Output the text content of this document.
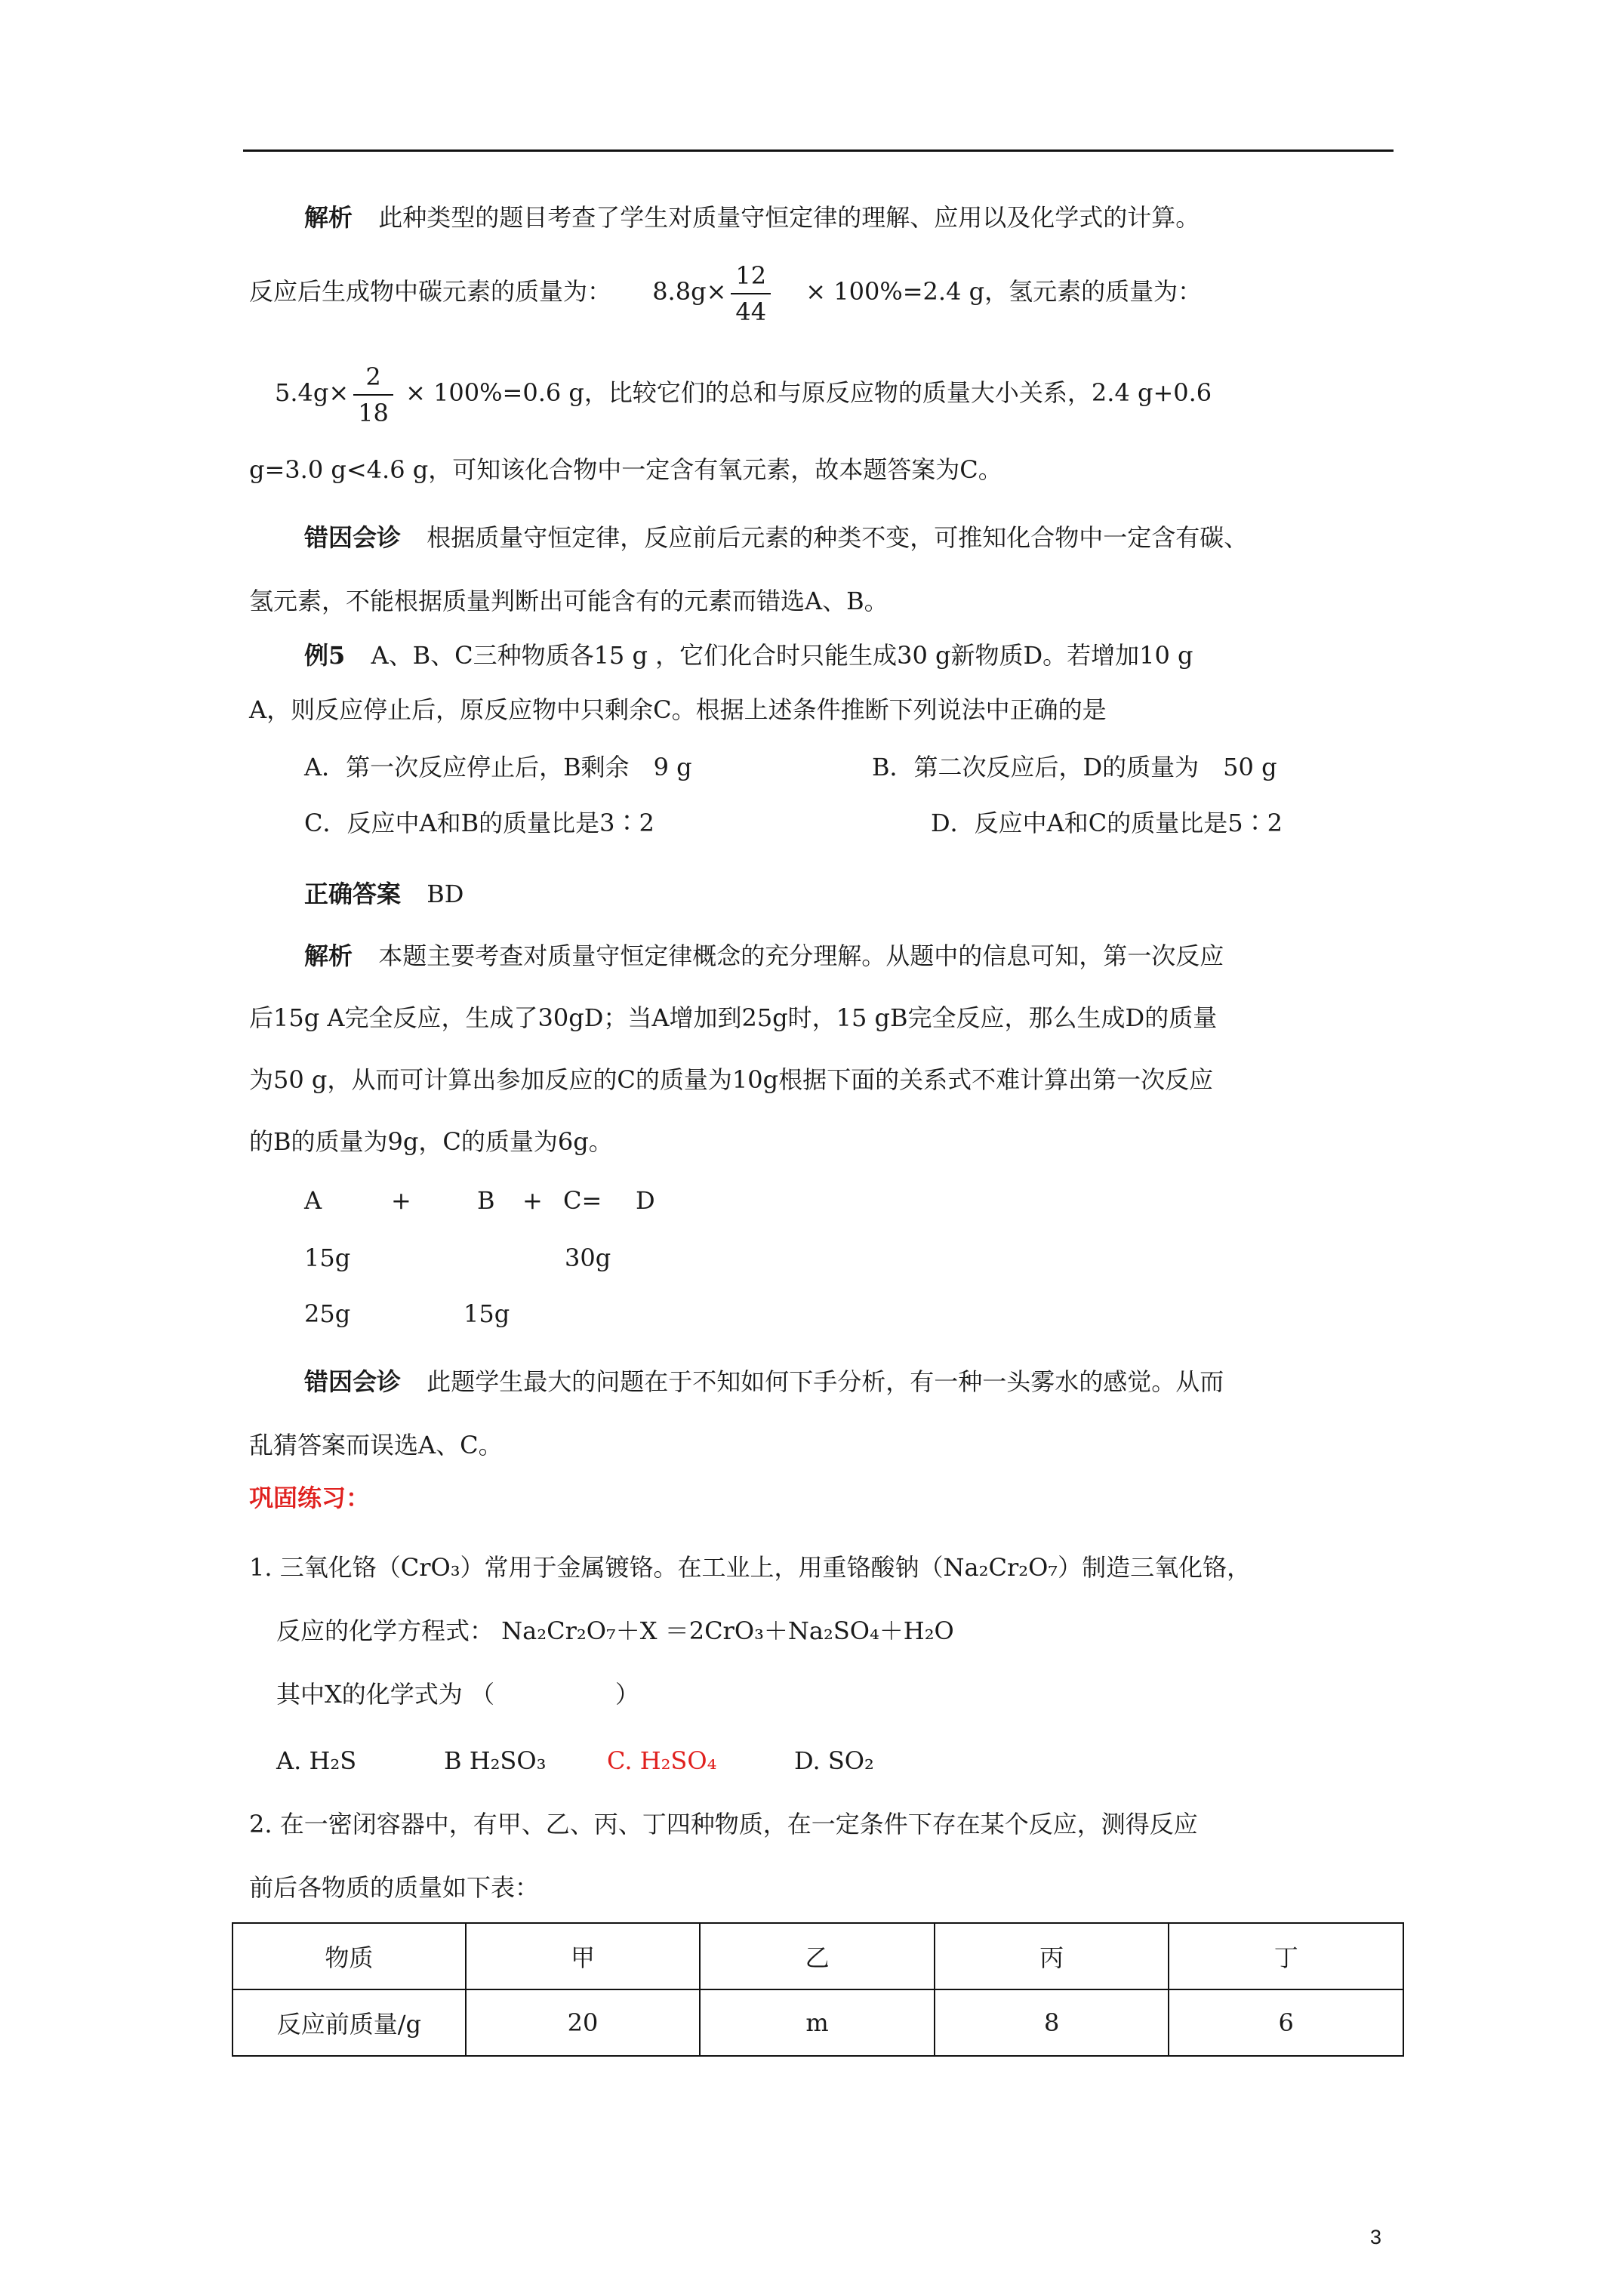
解析 此种类型的题目考查了学生对质量守恒定律的理解、应用以及化学式的计算。
反应后生成物中碳元素的质量为： $8.8g\times \frac{12}{44} \times 100\%=2.4$ g，氢元素的质量为：
$5.4g\times \frac{2}{18} \times 100\%=0.6$ g，比较它们的总和与原反应物的质量大小关系，2.4 g+0.6
g=3.0 g<4.6 g，可知该化合物中一定含有氧元素，故本题答案为C。
错因会诊 根据质量守恒定律，反应前后元素的种类不变，可推知化合物中一定含有碳、
氢元素，不能根据质量判断出可能含有的元素而错选A、B。
例5 A、B、C三种物质各15 g ，它们化合时只能生成30 g新物质D。若增加10 g
A，则反应停止后，原反应物中只剩余C。根据上述条件推断下列说法中正确的是
A．第一次反应停止后，B剩余　9 g	B．第二次反应后，D的质量为　50 g
C．反应中A和B的质量比是3∶2	D．反应中A和C的质量比是5∶2
正确答案 BD
解析 本题主要考查对质量守恒定律概念的充分理解。从题中的信息可知，第一次反应
后15g A完全反应，生成了30gD；当A增加到25g时，15 gB完全反应，那么生成D的质量
为50 g，从而可计算出参加反应的C的质量为10g根据下面的关系式不难计算出第一次反应
的B的质量为9g，C的质量为6g。
A	+	B + C= D
15g	30g
25g	15g
错因会诊 此题学生最大的问题在于不知如何下手分析，有一种一头雾水的感觉。从而
乱猜答案而误选A、C。
巩固练习：
1. 三氧化铬（CrO₃）常用于金属镀铬。在工业上，用重铬酸钠（Na₂Cr₂O₇）制造三氧化铬，
反应的化学方程式： Na₂Cr₂O₇＋X ＝2CrO₃＋Na₂SO₄＋H₂O
其中X的化学式为 （　　　　　）
A. H₂S	B H₂SO₃	C. H₂SO₄	D. SO₂
2. 在一密闭容器中，有甲、乙、丙、丁四种物质，在一定条件下存在某个反应，测得反应
前后各物质的质量如下表：
物质	甲	乙	丙	丁
反应前质量/g	20	m	8	6
3
